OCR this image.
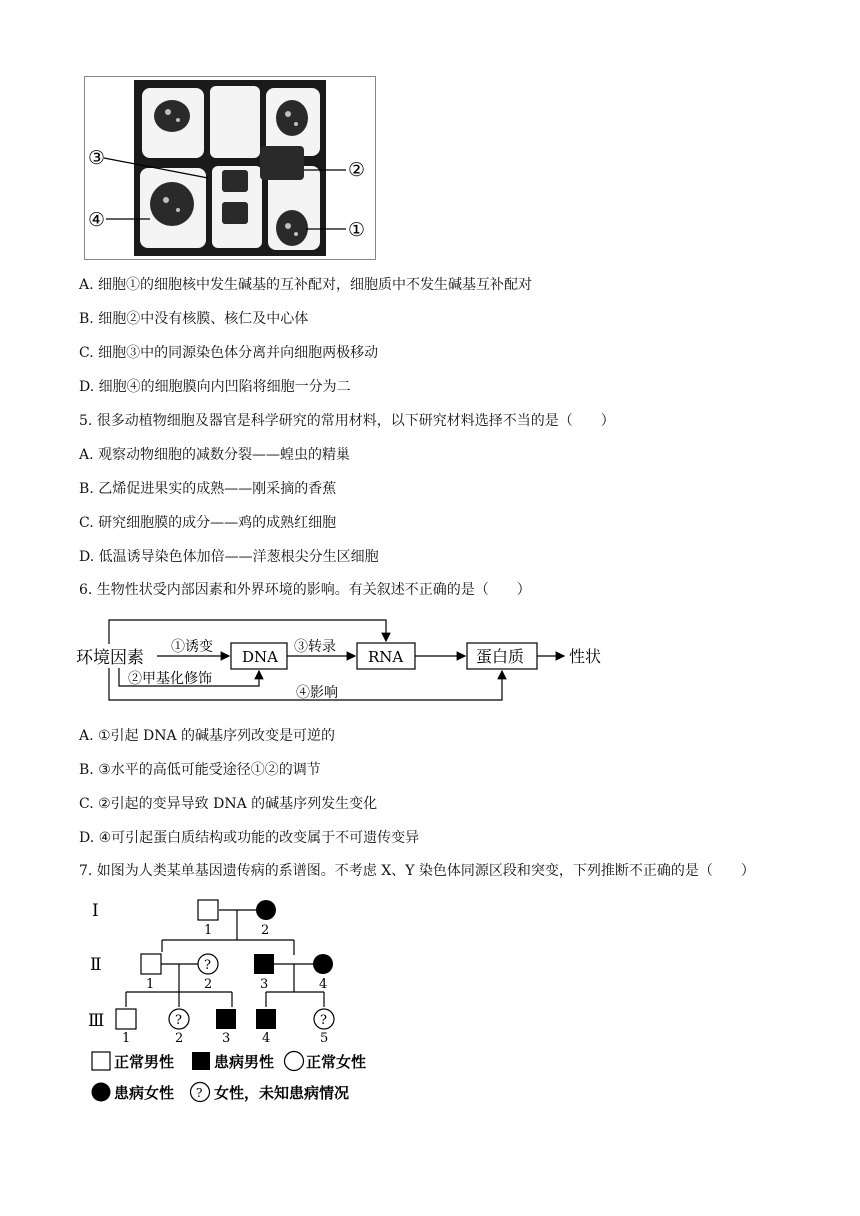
③
②
④	①
A. 细胞①的细胞核中发生碱基的互补配对，细胞质中不发生碱基互补配对
B. 细胞②中没有核膜、核仁及中心体
C. 细胞③中的同源染色体分离并向细胞两极移动
D. 细胞④的细胞膜向内凹陷将细胞一分为二
5. 很多动植物细胞及器官是科学研究的常用材料，以下研究材料选择不当的是（　　）
A. 观察动物细胞的减数分裂——蝗虫的精巢
B. 乙烯促进果实的成熟——刚采摘的香蕉
C. 研究细胞膜的成分——鸡的成熟红细胞
D. 低温诱导染色体加倍——洋葱根尖分生区细胞
6. 生物性状受内部因素和外界环境的影响。有关叙述不正确的是（　　）
环境因素	DNA	RNA	蛋白质	性状
①诱变
②甲基化修饰
③转录
④影响
A. ①引起 DNA 的碱基序列改变是可逆的
B. ③水平的高低可能受途径①②的调节
C. ②引起的变异导致 DNA 的碱基序列发生变化
D. ④可引起蛋白质结构或功能的改变属于不可遗传变异
7. 如图为人类某单基因遗传病的系谱图。不考虑 X、Y 染色体同源区段和突变，下列推断不正确的是（　　）
Ⅰ
Ⅱ
Ⅲ
1	2
?
1	2	3	4
?	?
1	2	3 4	5
正常男性	患病男性 正常女性
患病女性 ? 女性，未知患病情况
